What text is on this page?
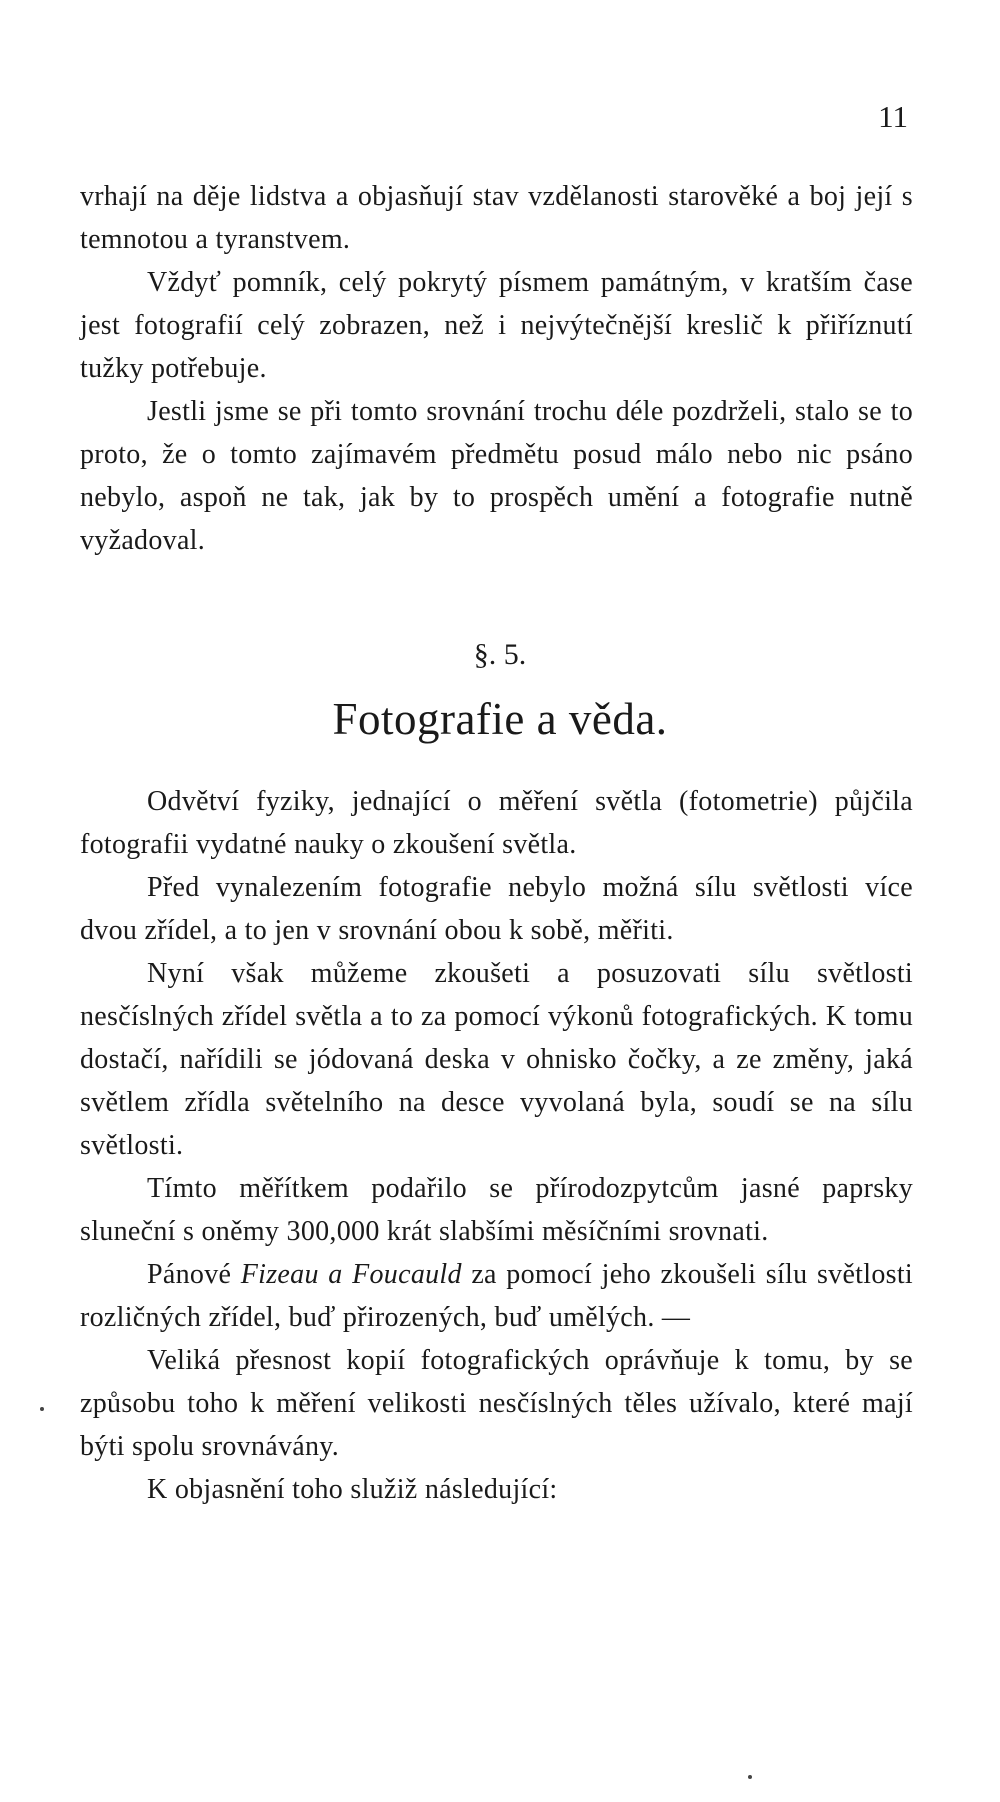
11

vrhají na děje lidstva a objasňují stav vzdělanosti starověké a boj její s temnotou a tyranstvem.

Vždyť pomník, celý pokrytý písmem památným, v kratším čase jest fotografií celý zobrazen, než i nejvýtečnější kreslič k přiříznutí tužky potřebuje.

Jestli jsme se při tomto srovnání trochu déle pozdrželi, stalo se to proto, že o tomto zajímavém předmětu posud málo nebo nic psáno nebylo, aspoň ne tak, jak by to prospěch umění a fotografie nutně vyžadoval.

§. 5.
Fotografie a věda.

Odvětví fyziky, jednající o měření světla (fotometrie) půjčila fotografii vydatné nauky o zkoušení světla.

Před vynalezením fotografie nebylo možná sílu světlosti více dvou zřídel, a to jen v srovnání obou k sobě, měřiti.

Nyní však můžeme zkoušeti a posuzovati sílu světlosti nesčíslných zřídel světla a to za pomocí výkonů fotografických. K tomu dostačí, nařídili se jódovaná deska v ohnisko čočky, a ze změny, jaká světlem zřídla světelního na desce vyvolaná byla, soudí se na sílu světlosti.

Tímto měřítkem podařilo se přírodozpytcům jasné paprsky sluneční s oněmy 300,000 krát slabšími měsíčními srovnati.

Pánové Fizeau a Foucauld za pomocí jeho zkoušeli sílu světlosti rozličných zřídel, buď přirozených, buď umělých. —

Veliká přesnost kopií fotografických oprávňuje k tomu, by se způsobu toho k měření velikosti nesčíslných těles užívalo, které mají býti spolu srovnávány.

K objasnění toho služiž následující:
